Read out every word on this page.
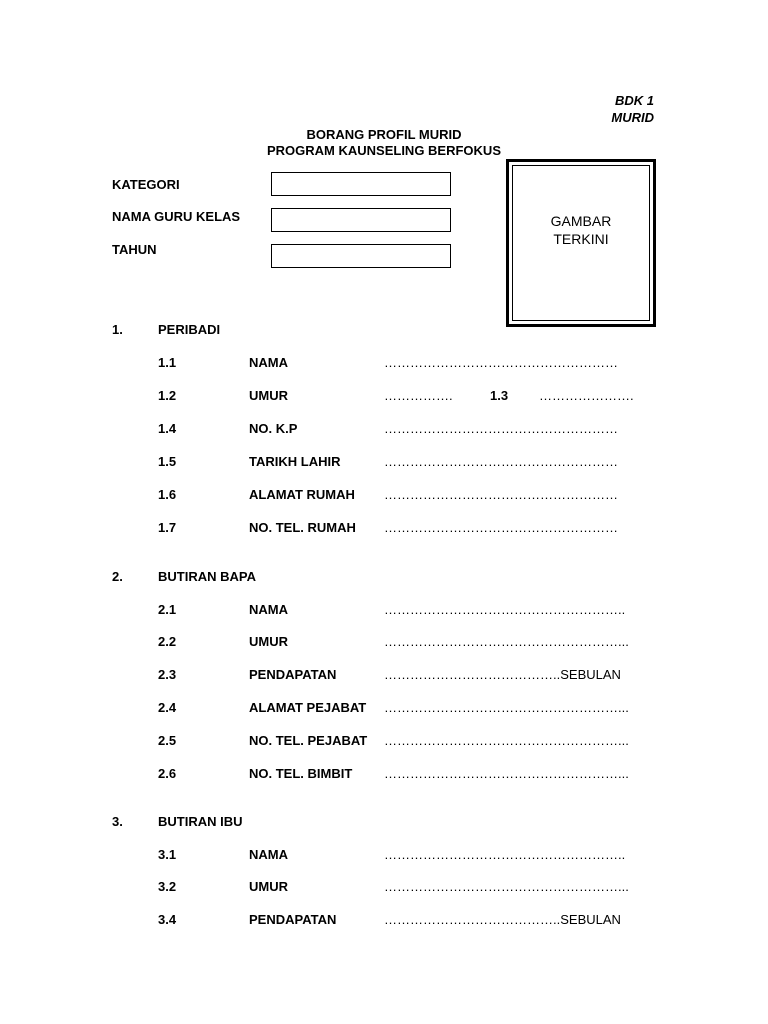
BDK 1
MURID
BORANG PROFIL MURID
PROGRAM KAUNSELING BERFOKUS
KATEGORI
NAMA GURU KELAS
TAHUN
GAMBAR
TERKINI
1.	PERIBADI
1.1	NAMA	………………………………………………
1.2	UMUR	…………….	1.3 ………………….
1.4	NO. K.P	………………………………………………
1.5	TARIKH LAHIR	………………………………………………
1.6	ALAMAT RUMAH ………………………………………………
1.7	NO. TEL. RUMAH ………………………………………………
2.	BUTIRAN BAPA
2.1	NAMA	………………………………………………..
2.2	UMUR	………………………………………………...
2.3	PENDAPATAN	…………………………………..SEBULAN
2.4	ALAMAT PEJABAT ………………………………………………...
2.5	NO. TEL. PEJABAT ………………………………………………...
2.6	NO. TEL. BIMBIT ………………………………………………...
3.	BUTIRAN IBU
3.1	NAMA	………………………………………………..
3.2	UMUR	………………………………………………...
3.4	PENDAPATAN	…………………………………..SEBULAN
